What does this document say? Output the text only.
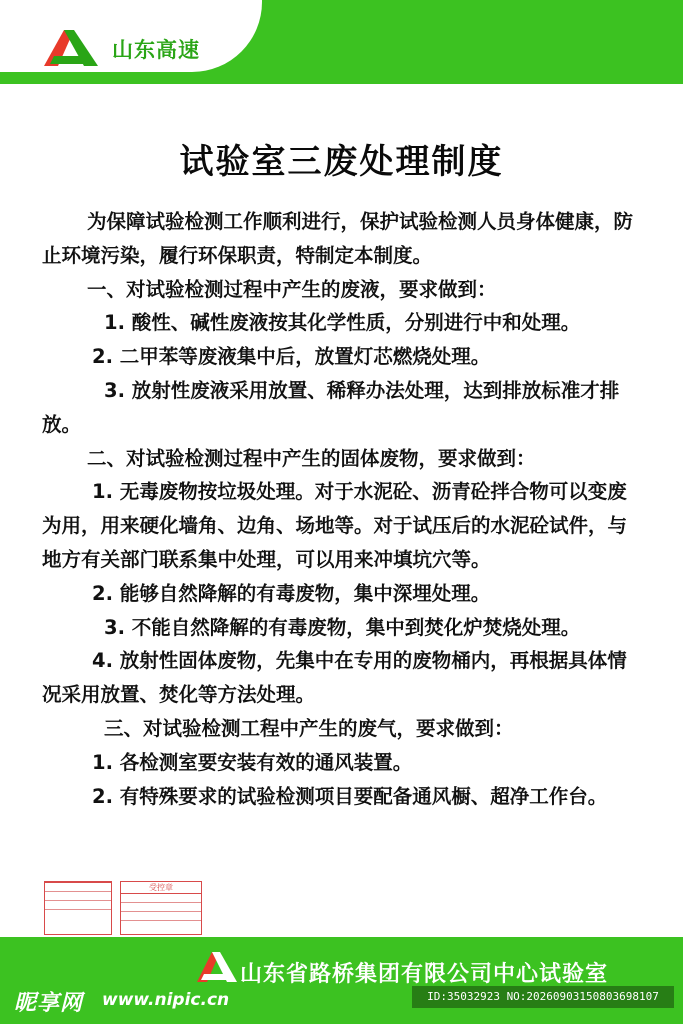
山东高速
试验室三废处理制度

为保障试验检测工作顺利进行，保护试验检测人员身体健康，防止环境污染，履行环保职责，特制定本制度。

一、对试验检测过程中产生的废液，要求做到：

1. 酸性、碱性废液按其化学性质，分别进行中和处理。

2. 二甲苯等废液集中后，放置灯芯燃烧处理。

3. 放射性废液采用放置、稀释办法处理，达到排放标准才排放。

二、对试验检测过程中产生的固体废物，要求做到：

1. 无毒废物按垃圾处理。对于水泥砼、沥青砼拌合物可以变废为用，用来硬化墙角、边角、场地等。对于试压后的水泥砼试件，与地方有关部门联系集中处理，可以用来冲填坑穴等。

2. 能够自然降解的有毒废物，集中深埋处理。

3. 不能自然降解的有毒废物，集中到焚化炉焚烧处理。

4. 放射性固体废物，先集中在专用的废物桶内，再根据具体情况采用放置、焚化等方法处理。

三、对试验检测工程中产生的废气，要求做到：

1. 各检测室要安装有效的通风装置。

2. 有特殊要求的试验检测项目要配备通风橱、超净工作台。

受控章
山东省路桥集团有限公司中心试验室
昵享网 www.nipic.cn	ID:35032923 NO:20260903150803698107
